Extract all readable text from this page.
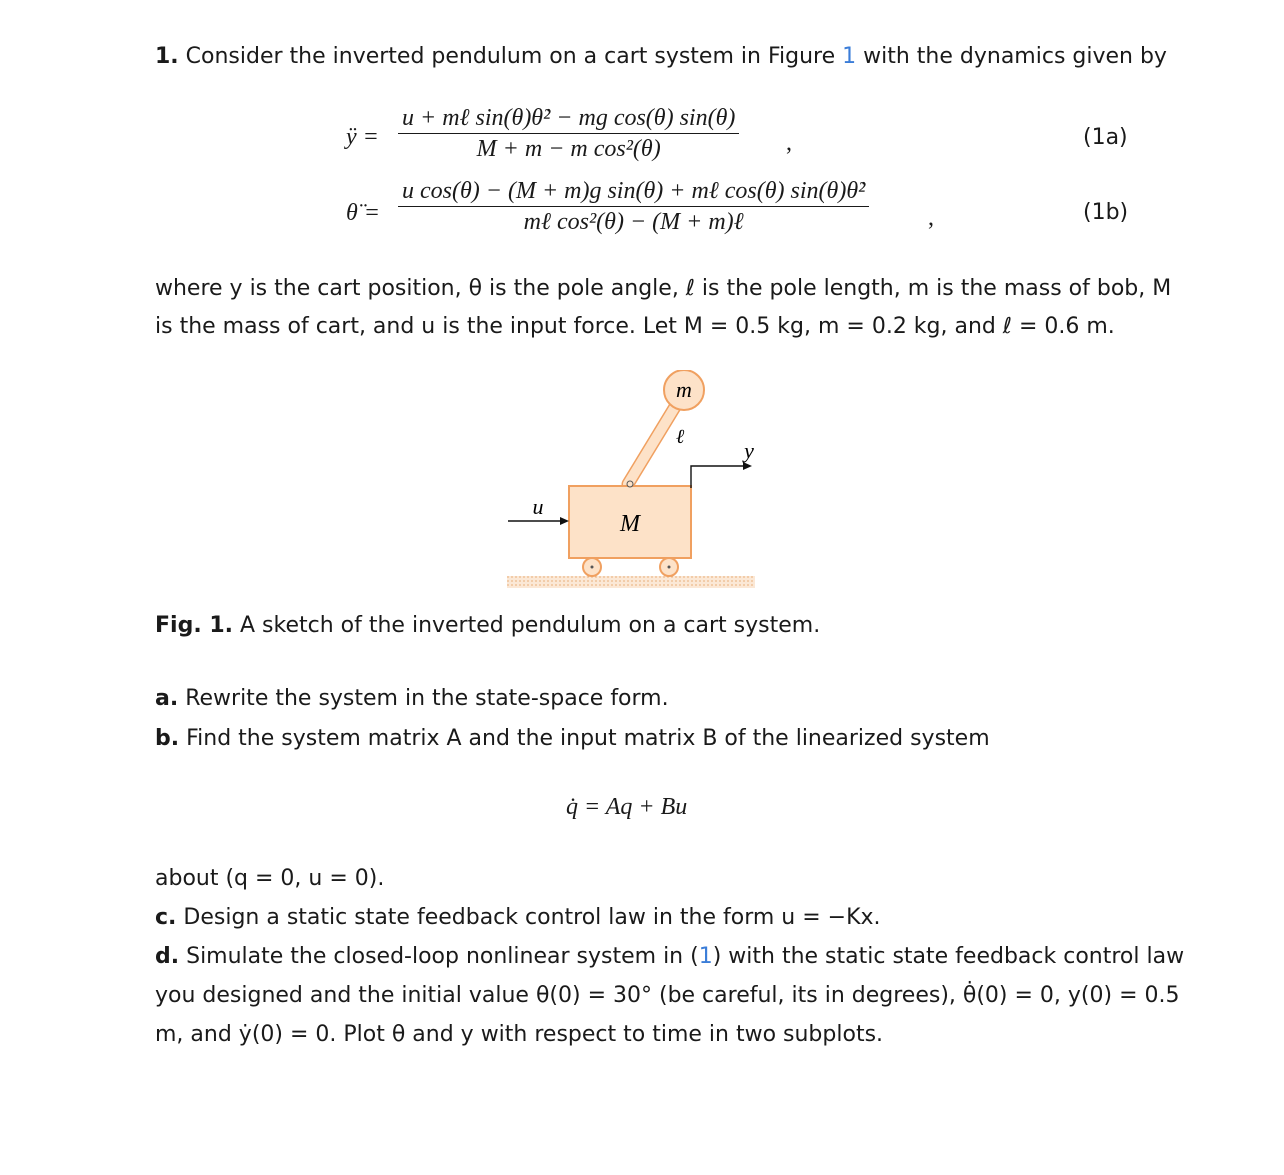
1. Consider the inverted pendulum on a cart system in Figure 1 with the dynamics given by
ÿ =
u + mℓ sin(θ)θ̇² − mg cos(θ) sin(θ)
M + m − m cos²(θ)	,	(1a)
θ̈ =
u cos(θ) − (M + m)g sin(θ) + mℓ cos(θ) sin(θ)θ̇²
mℓ cos²(θ) − (M + m)ℓ	,	(1b)
where y is the cart position, θ is the pole angle, ℓ is the pole length, m is the mass of bob, M
is the mass of cart, and u is the input force. Let M = 0.5 kg, m = 0.2 kg, and ℓ = 0.6 m.
m
ℓ
y
u
M
Fig. 1. A sketch of the inverted pendulum on a cart system.
a. Rewrite the system in the state-space form.
b. Find the system matrix A and the input matrix B of the linearized system
q̇ = Aq + Bu
about (q = 0, u = 0).
c. Design a static state feedback control law in the form u = −Kx.
d. Simulate the closed-loop nonlinear system in (1) with the static state feedback control law
you designed and the initial value θ(0) = 30° (be careful, its in degrees), θ̇(0) = 0, y(0) = 0.5
m, and ẏ(0) = 0. Plot θ and y with respect to time in two subplots.
